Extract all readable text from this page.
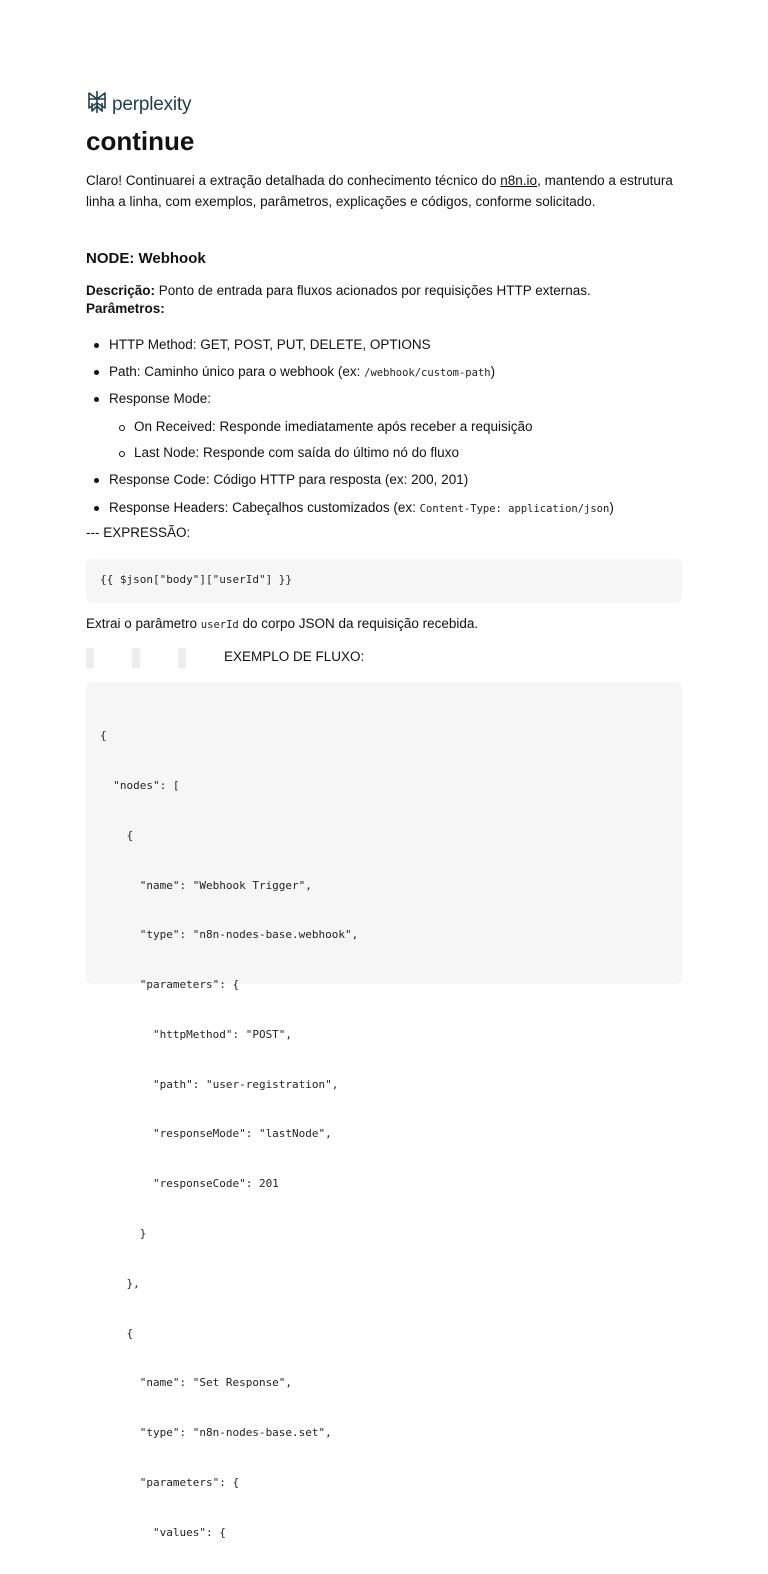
perplexity
continue
Claro! Continuarei a extração detalhada do conhecimento técnico do n8n.io, mantendo a estrutura linha a linha, com exemplos, parâmetros, explicações e códigos, conforme solicitado.
NODE: Webhook
Descrição: Ponto de entrada para fluxos acionados por requisições HTTP externas.
Parâmetros:
HTTP Method: GET, POST, PUT, DELETE, OPTIONS
Path: Caminho único para o webhook (ex: /webhook/custom-path)
Response Mode:
On Received: Responde imediatamente após receber a requisição
Last Node: Responde com saída do último nó do fluxo
Response Code: Código HTTP para resposta (ex: 200, 201)
Response Headers: Cabeçalhos customizados (ex: Content-Type: application/json)
--- EXPRESSÃO:

{{ $json["body"]["userId"] }}

Extrai o parâmetro userId do corpo JSON da requisição recebida.
EXEMPLO DE FLUXO:

{

"nodes": [

{

"name": "Webhook Trigger",

"type": "n8n-nodes-base.webhook",

"parameters": {

"httpMethod": "POST",

"path": "user-registration",

"responseMode": "lastNode",

"responseCode": 201

}

},

{

"name": "Set Response",

"type": "n8n-nodes-base.set",

"parameters": {

"values": {
